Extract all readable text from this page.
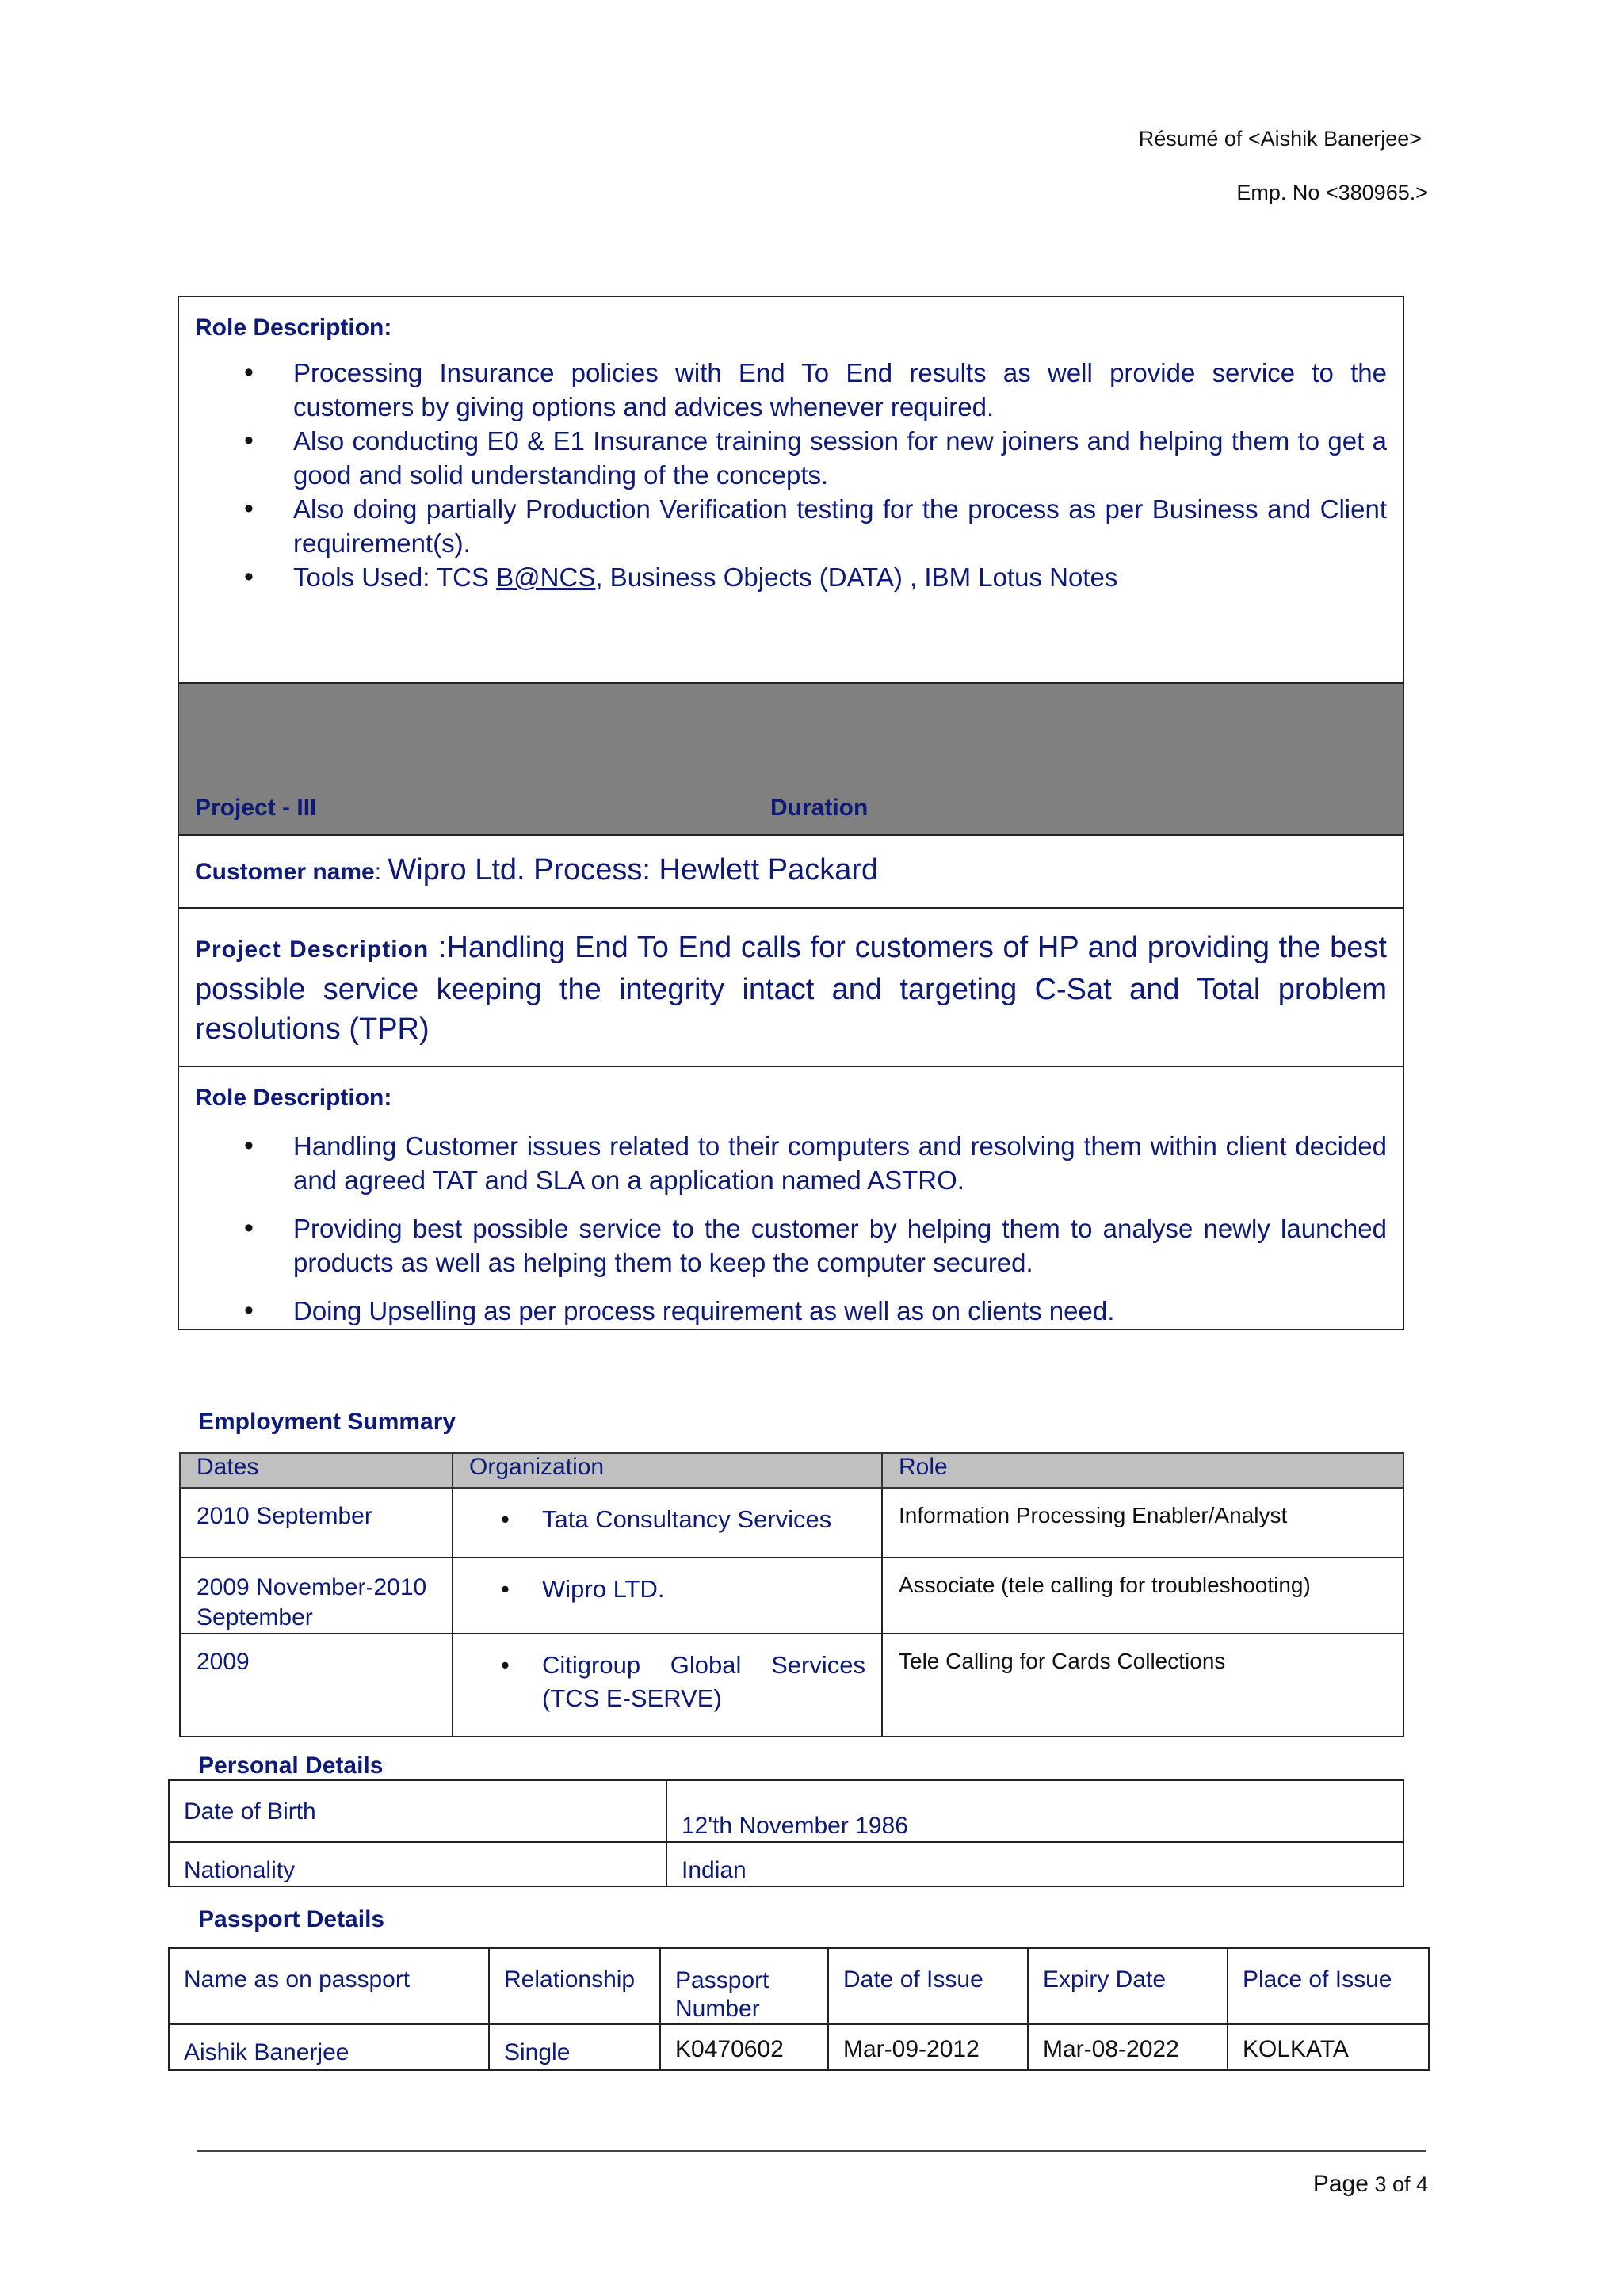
Résumé of <Aishik Banerjee>
Emp. No <380965.>
Role Description:
• Processing Insurance policies with End To End results as well provide service to the customers by giving options and advices whenever required.
• Also conducting E0 & E1 Insurance training session for new joiners and helping them to get a good and solid understanding of the concepts.
• Also doing partially Production Verification testing for the process as per Business and Client requirement(s).
• Tools Used: TCS B@NCS, Business Objects (DATA) , IBM Lotus Notes
Project - III	Duration
Customer name: Wipro Ltd. Process: Hewlett Packard
Project Description :Handling End To End calls for customers of HP and providing the best possible service keeping the integrity intact and targeting C-Sat and Total problem resolutions (TPR)
Role Description:
• Handling Customer issues related to their computers and resolving them within client decided and agreed TAT and SLA on a application named ASTRO.
• Providing best possible service to the customer by helping them to analyse newly launched products as well as helping them to keep the computer secured.
• Doing Upselling as per process requirement as well as on clients need.
Employment Summary
Dates	Organization	Role
2010 September	• Tata Consultancy Services	Information Processing Enabler/Analyst
2009 November-2010 September	• Wipro LTD.	Associate (tele calling for troubleshooting)
2009	• Citigroup Global Services (TCS E-SERVE)	Tele Calling for Cards Collections
Personal Details
Date of Birth	12'th November 1986
Nationality	Indian
Passport Details
Name as on passport	Relationship	Passport Number	Date of Issue	Expiry Date	Place of Issue
Aishik Banerjee	Single	K0470602	Mar-09-2012	Mar-08-2022	KOLKATA
Page 3 of 4
